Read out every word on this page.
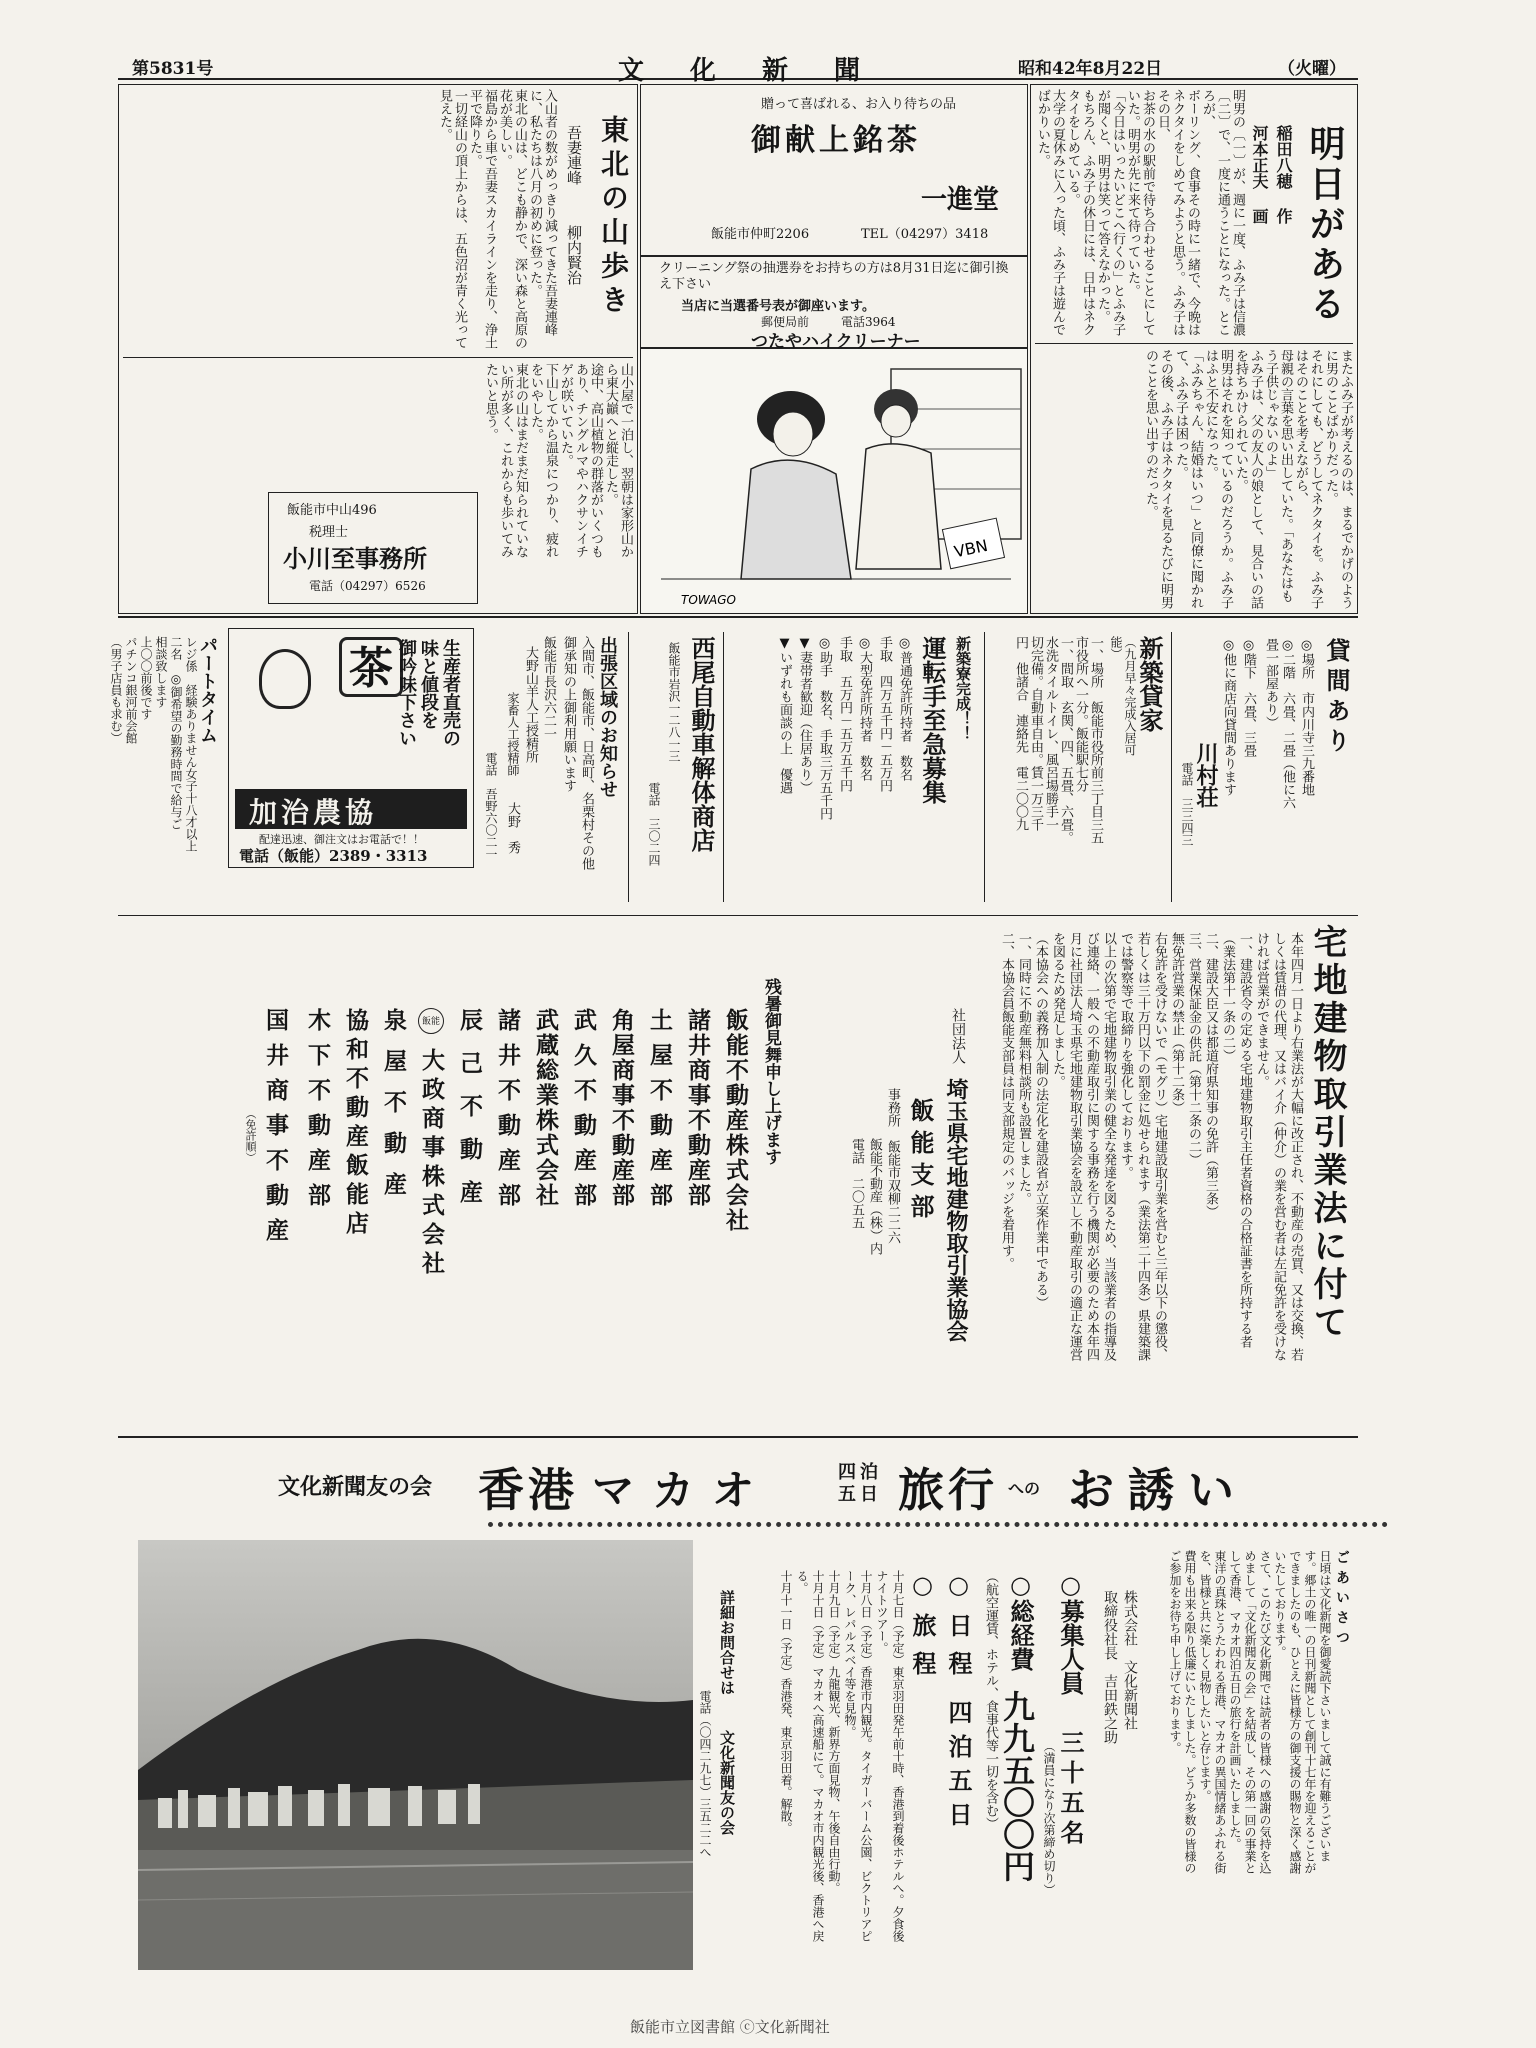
第5831号	文化新聞	昭和42年8月22日	（火曜）
明日がある
稲田八穂 作
河本正夫 画

明男の〔一〕が、週に一度、ふみ子は信濃〔二〕で、一度に通うことになった。ところが、

ボーリング、食事その時に一緒で、今晩はネクタイをしめてみようと思う。ふみ子はその日、

お茶の水の駅前で待ち合わせることにしていた。明男が先に来て待っていた。

「今日はいったいどこへ行くの」とふみ子が聞くと、明男は笑って答えなかった。

もちろん、ふみ子の休日には、日中はネクタイをしめている。

大学の夏休みに入った頃、ふみ子は遊んでばかりいた。

またふみ子が考えるのは、まるでかげのように男のことばかりだった。

それにしても、どうしてネクタイを。ふみ子はそのことを考えながら、

母親の言葉を思い出していた。「あなたはもう子供じゃないのよ」

ふみ子は、父の友人の娘として、見合いの話を持ちかけられていた。

明男はそれを知っているのだろうか。ふみ子はふと不安になった。

「ふみちゃん、結婚はいつ」と同僚に聞かれて、ふみ子は困った。

その後、ふみ子はネクタイを見るたびに明男のことを思い出すのだった。

VBN
TOWAGO
贈って喜ばれる、お入り待ちの品
御献上銘茶
一進堂
飯能市仲町2206	TEL（04297）3418
クリーニング祭の抽選券をお持ちの方は8月31日迄に御引換え下さい
当店に当選番号表が御座います。
郵便局前	電話3964
つたやハイクリーナー
東北の山歩き
吾妻連峰
柳内賢治

入山者の数がめっきり減ってきた吾妻連峰に、私たちは八月の初めに登った。

東北の山は、どこも静かで、深い森と高原の花が美しい。

福島から車で吾妻スカイラインを走り、浄土平で降りた。

一切経山の頂上からは、五色沼が青く光って見えた。

山小屋で一泊し、翌朝は家形山から東大巓へと縦走した。

途中、高山植物の群落がいくつもあり、チングルマやハクサンイチゲが咲いていた。

下山してから温泉につかり、疲れをいやした。

東北の山はまだまだ知られていない所が多く、これからも歩いてみたいと思う。

飯能市中山496
税理士
小川至事務所
電話（04297）6526
貸間あり
◎場所　市内川寺三九番地
◎二階　六畳、二畳（他に六畳一部屋あり）
◎階下　六畳、三畳
◎他に商店向貸間あります
川村荘
電話　三三四三
新築貸家
（九月早々完成入居可能）

一、場所　飯能市役所前三丁目三五

市役所へ一分。飯能駅七分

一、間取　玄関、四、五畳、六畳。

水洗タイルトイレ、風呂場勝手一

切完備。自動車自由。賃一万三千

円　他諸合　連絡先　電二〇〇九

新築寮完成！！
運転手至急募集

◎普通免許所持者　数名

手取　四万五千円－五万円

◎大型免許所持者　数名

手取　五万円－五万五千円

◎助手　数名、手取三万五千円

▼妻帯者歓迎（住居あり）

▼いずれも面談の上　優遇

西尾自動車解体商店
飯能市岩沢一二八一三
電話　三〇二四
出張区域のお知らせ
入間市、飯能市、日高町、名栗村その他
御承知の上御利用願います
飯能市長沢六二一
大野山羊人工授精所
家畜人工授精師
大野　秀
電話　吾野六〇二一
茶	生産者直売の
味と値段を
御吟味下さい
加治農協
配達迅速、御注文はお電話で！！
電話（飯能）2389・3313
パートタイム

レジ係　経験ありません女子十八才以上

二名　◎御希望の勤務時間で給与ご

相談致します

上〇〇前後です

パチンコ銀河前会館

（男子店員も求む）

宅地建物取引業法に付て

本年四月一日より右業法が大幅に改正され、不動産の売買、又は交換、若しくは賃借の代理、又はバイ介（仲介）の業を営む者は左記免許を受けなければ営業ができません。

一、建設省令の定める宅地建物取引主任者資格の合格証書を所持する者（業法第十一条の二）

二、建設大臣又は都道府県知事の免許（第三条）

三、営業保証金の供託（第十二条の二）

無免許営業の禁止（第十二条）

右免許を受けないで（モグリ）宅地建設取引業を営むと三年以下の懲役、若しくは三十万円以下の罰金に処せられます（業法第二十四条）県建築課では警察等で取締りを強化しております。

以上の次第で宅地建物取引業の健全な発達を図るため、当該業者の指導及び連絡、一般への不動産取引に関する事務を行う機関が必要のため本年四月に社団法人埼玉県宅地建物取引業協会を設立し不動産取引の適正な運営を図るため発足しました。

（本協会への義務加入制の法定化を建設省が立案作業中である）

一、同時に不動産無料相談所も設置しました。

二、本協会員飯能支部員は同支部規定のバッジを着用す。

社団法人
埼玉県宅地建物取引業協会
飯能支部
事務所　飯能市双柳二二六
飯能不動産（株）内
電話　二〇五五
残暑御見舞申し上げます
飯能不動産株式会社
諸井商事不動産部
土屋不動産部
角屋商事不動産部
武久不動産部
武蔵総業株式会社
諸井不動産部
辰己不動産
飯能
大政商事株式会社
泉屋不動産
協和不動産飯能店
木下不動産部
国井商事不動産
（免許順）
文化新聞友の会 香港 マカオ	四泊
五日 旅行 への お誘い
ごあいさつ

日頃は文化新聞を御愛読下さいまして誠に有難うございます。郷土の唯一の日刊新聞として創刊十七年を迎えることができましたのも、ひとえに皆様方の御支援の賜物と深く感謝いたしております。

さて、このたび文化新聞では読者の皆様への感謝の気持を込めまして「文化新聞友の会」を結成し、その第一回の事業として香港、マカオ四泊五日の旅行を計画いたしました。

東洋の真珠とうたわれる香港、マカオの異国情緒あふれる街を、皆様と共に楽しく見物したいと存じます。

費用も出来る限り低廉にいたしました。どうか多数の皆様のご参加をお待ち申し上げております。

株式会社　文化新聞社
取締役社長　吉田鉄之助
○募集人員
三十五名
（満員になり次第締め切り）
○総経費
九九五〇〇円
（航空運賃、ホテル、食事代等一切を含む）
○日程
四泊五日
○旅程

十月七日（予定）東京羽田発午前十時、香港到着後ホテルへ。夕食後ナイトツアー。

十月八日（予定）香港市内観光。タイガーバーム公園、ビクトリアピーク、レパルスベイ等を見物。

十月九日（予定）九龍観光、新界方面見物、午後自由行動。

十月十日（予定）マカオへ高速船にて。マカオ市内観光後、香港へ戻る。

十月十一日（予定）香港発、東京羽田着。解散。

詳細お問合せは
文化新聞友の会
電話（〇四二九七）三五二二へ
飯能市立図書館 ⓒ文化新聞社
